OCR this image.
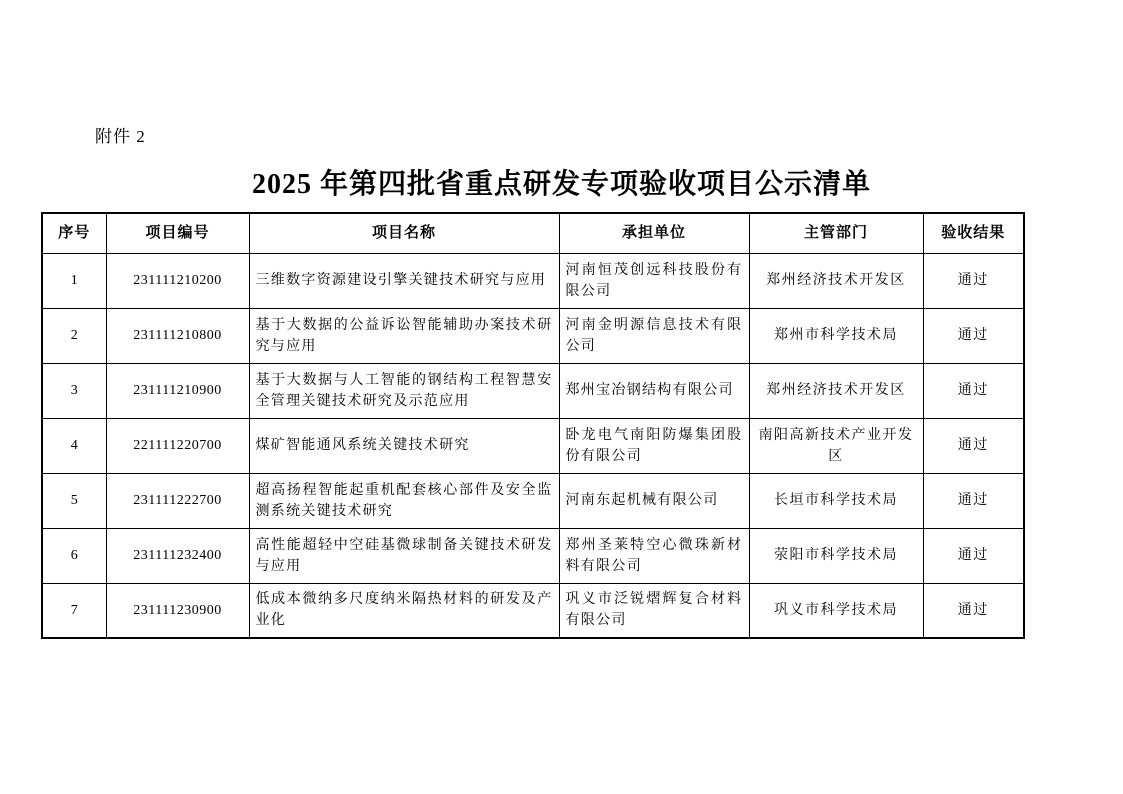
附件 2
2025 年第四批省重点研发专项验收项目公示清单
序号	项目编号	项目名称	承担单位	主管部门	验收结果
1	231111210200	三维数字资源建设引擎关键技术研究与应用	河南恒茂创远科技股份有限公司	郑州经济技术开发区	通过
2	231111210800	基于大数据的公益诉讼智能辅助办案技术研究与应用	河南金明源信息技术有限公司	郑州市科学技术局	通过
3	231111210900	基于大数据与人工智能的钢结构工程智慧安全管理关键技术研究及示范应用	郑州宝冶钢结构有限公司	郑州经济技术开发区	通过
4	221111220700	煤矿智能通风系统关键技术研究	卧龙电气南阳防爆集团股份有限公司	南阳高新技术产业开发区	通过
5	231111222700	超高扬程智能起重机配套核心部件及安全监测系统关键技术研究	河南东起机械有限公司	长垣市科学技术局	通过
6	231111232400	高性能超轻中空硅基微球制备关键技术研发与应用	郑州圣莱特空心微珠新材料有限公司	荥阳市科学技术局	通过
7	231111230900	低成本微纳多尺度纳米隔热材料的研发及产业化	巩义市泛锐熠辉复合材料有限公司	巩义市科学技术局	通过
